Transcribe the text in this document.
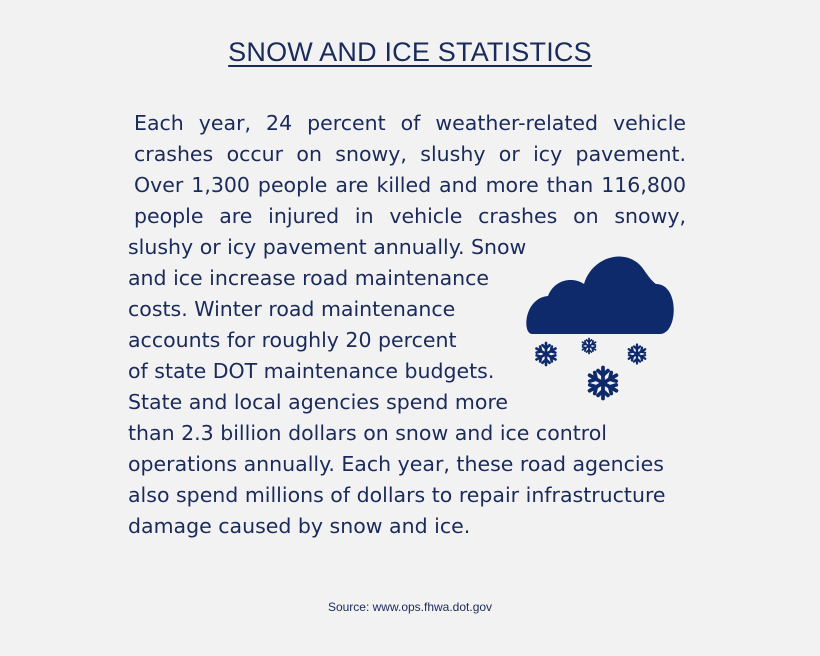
SNOW AND ICE STATISTICS
Each year, 24 percent of weather-related vehicle
crashes occur on snowy, slushy or icy pavement.
Over 1,300 people are killed and more than 116,800
people are injured in vehicle crashes on snowy,
slushy or icy pavement annually. Snow
and ice increase road maintenance
costs. Winter road maintenance
accounts for roughly 20 percent
of state DOT maintenance budgets.
State and local agencies spend more
than 2.3 billion dollars on snow and ice control
operations annually. Each year, these road agencies
also spend millions of dollars to repair infrastructure
damage caused by snow and ice.
Source: www.ops.fhwa.dot.gov
